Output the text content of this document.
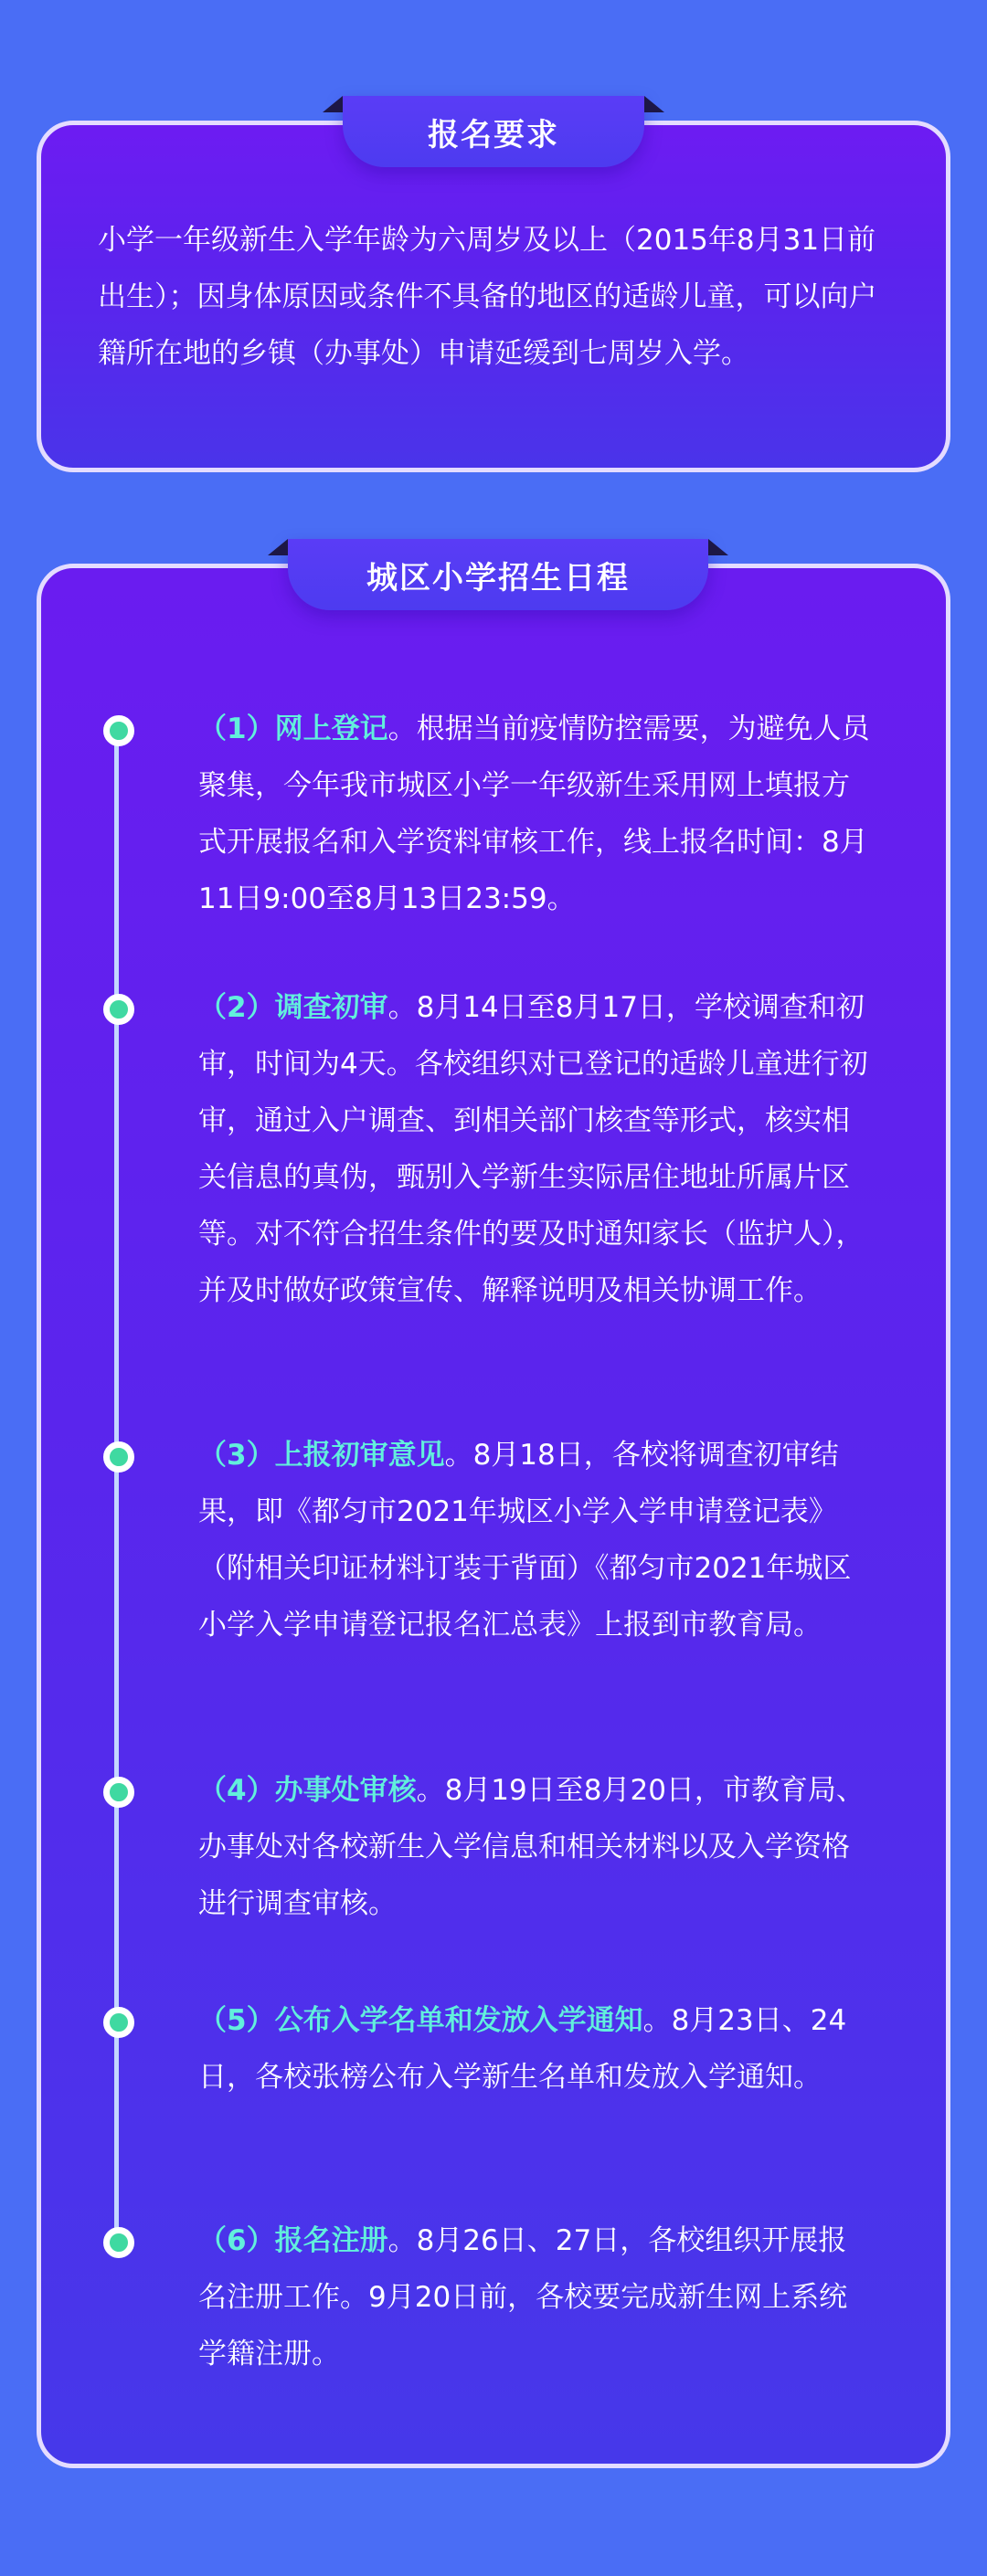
报名要求

小学一年级新生入学年龄为六周岁及以上（2015年8月31日前出生）；因身体原因或条件不具备的地区的适龄儿童，可以向户籍所在地的乡镇（办事处）申请延缓到七周岁入学。

城区小学招生日程
（1）网上登记。根据当前疫情防控需要，为避免人员聚集，今年我市城区小学一年级新生采用网上填报方式开展报名和入学资料审核工作，线上报名时间：8月11日9:00至8月13日23:59。
（2）调查初审。8月14日至8月17日，学校调查和初审，时间为4天。各校组织对已登记的适龄儿童进行初审，通过入户调查、到相关部门核查等形式，核实相关信息的真伪，甄别入学新生实际居住地址所属片区等。对不符合招生条件的要及时通知家长（监护人），并及时做好政策宣传、解释说明及相关协调工作。
（3）上报初审意见。8月18日，各校将调查初审结果，即《都匀市2021年城区小学入学申请登记表》（附相关印证材料订装于背面）《都匀市2021年城区小学入学申请登记报名汇总表》上报到市教育局。
（4）办事处审核。8月19日至8月20日，市教育局、办事处对各校新生入学信息和相关材料以及入学资格进行调查审核。
（5）公布入学名单和发放入学通知。8月23日、24日，各校张榜公布入学新生名单和发放入学通知。
（6）报名注册。8月26日、27日，各校组织开展报名注册工作。9月20日前，各校要完成新生网上系统学籍注册。
